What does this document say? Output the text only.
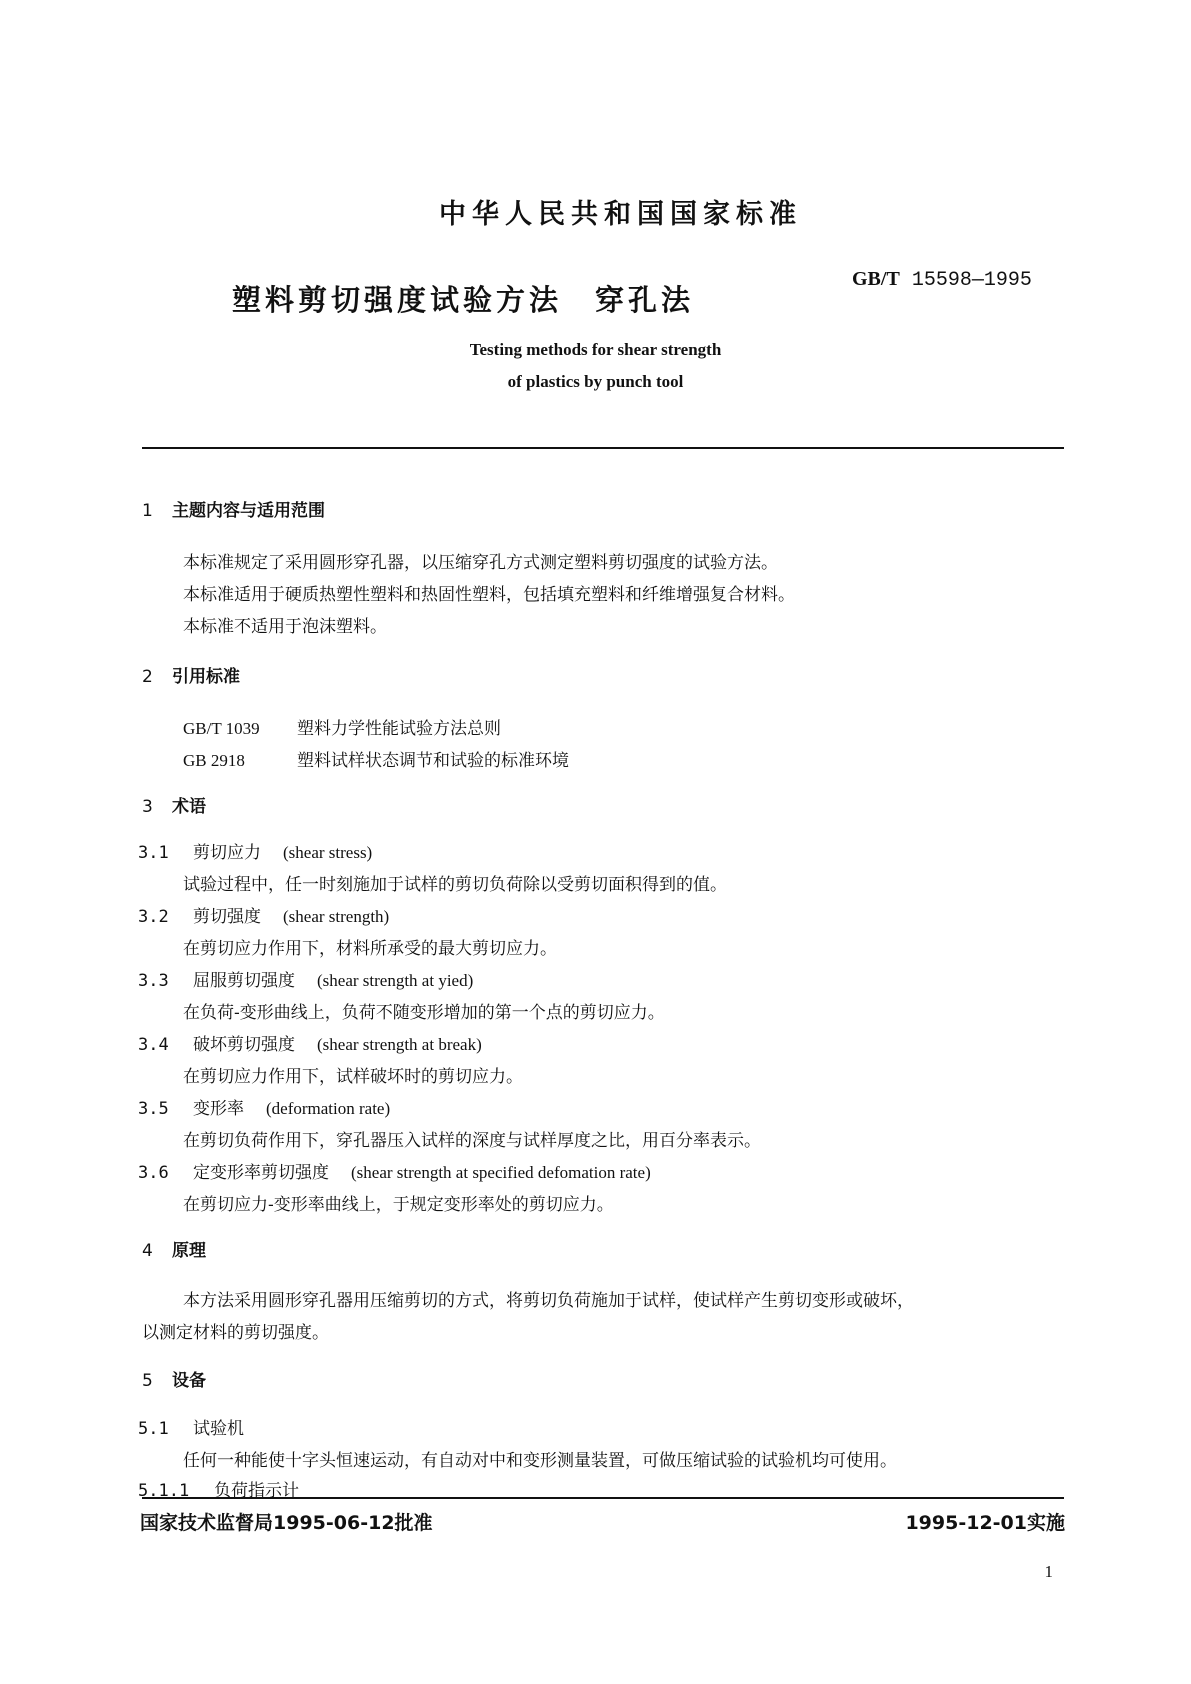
中华人民共和国国家标准
塑料剪切强度试验方法　穿孔法
GB/T 15598—1995
Testing methods for shear strength
of plastics by punch tool
1 主题内容与适用范围
本标准规定了采用圆形穿孔器，以压缩穿孔方式测定塑料剪切强度的试验方法。
本标准适用于硬质热塑性塑料和热固性塑料，包括填充塑料和纤维增强复合材料。
本标准不适用于泡沫塑料。
2 引用标准
GB/T 1039 塑料力学性能试验方法总则
GB 2918	塑料试样状态调节和试验的标准环境
3 术语
3.1 剪切应力 (shear stress)
试验过程中，任一时刻施加于试样的剪切负荷除以受剪切面积得到的值。
3.2 剪切强度 (shear strength)
在剪切应力作用下，材料所承受的最大剪切应力。
3.3 屈服剪切强度 (shear strength at yied)
在负荷-变形曲线上，负荷不随变形增加的第一个点的剪切应力。
3.4 破坏剪切强度 (shear strength at break)
在剪切应力作用下，试样破坏时的剪切应力。
3.5 变形率 (deformation rate)
在剪切负荷作用下，穿孔器压入试样的深度与试样厚度之比，用百分率表示。
3.6 定变形率剪切强度 (shear strength at specified defomation rate)
在剪切应力-变形率曲线上，于规定变形率处的剪切应力。
4 原理
本方法采用圆形穿孔器用压缩剪切的方式，将剪切负荷施加于试样，使试样产生剪切变形或破坏，
以测定材料的剪切强度。
5 设备
5.1 试验机
任何一种能使十字头恒速运动，有自动对中和变形测量装置，可做压缩试验的试验机均可使用。
5.1.1 负荷指示计
国家技术监督局1995-06-12批准	1995-12-01实施
1
